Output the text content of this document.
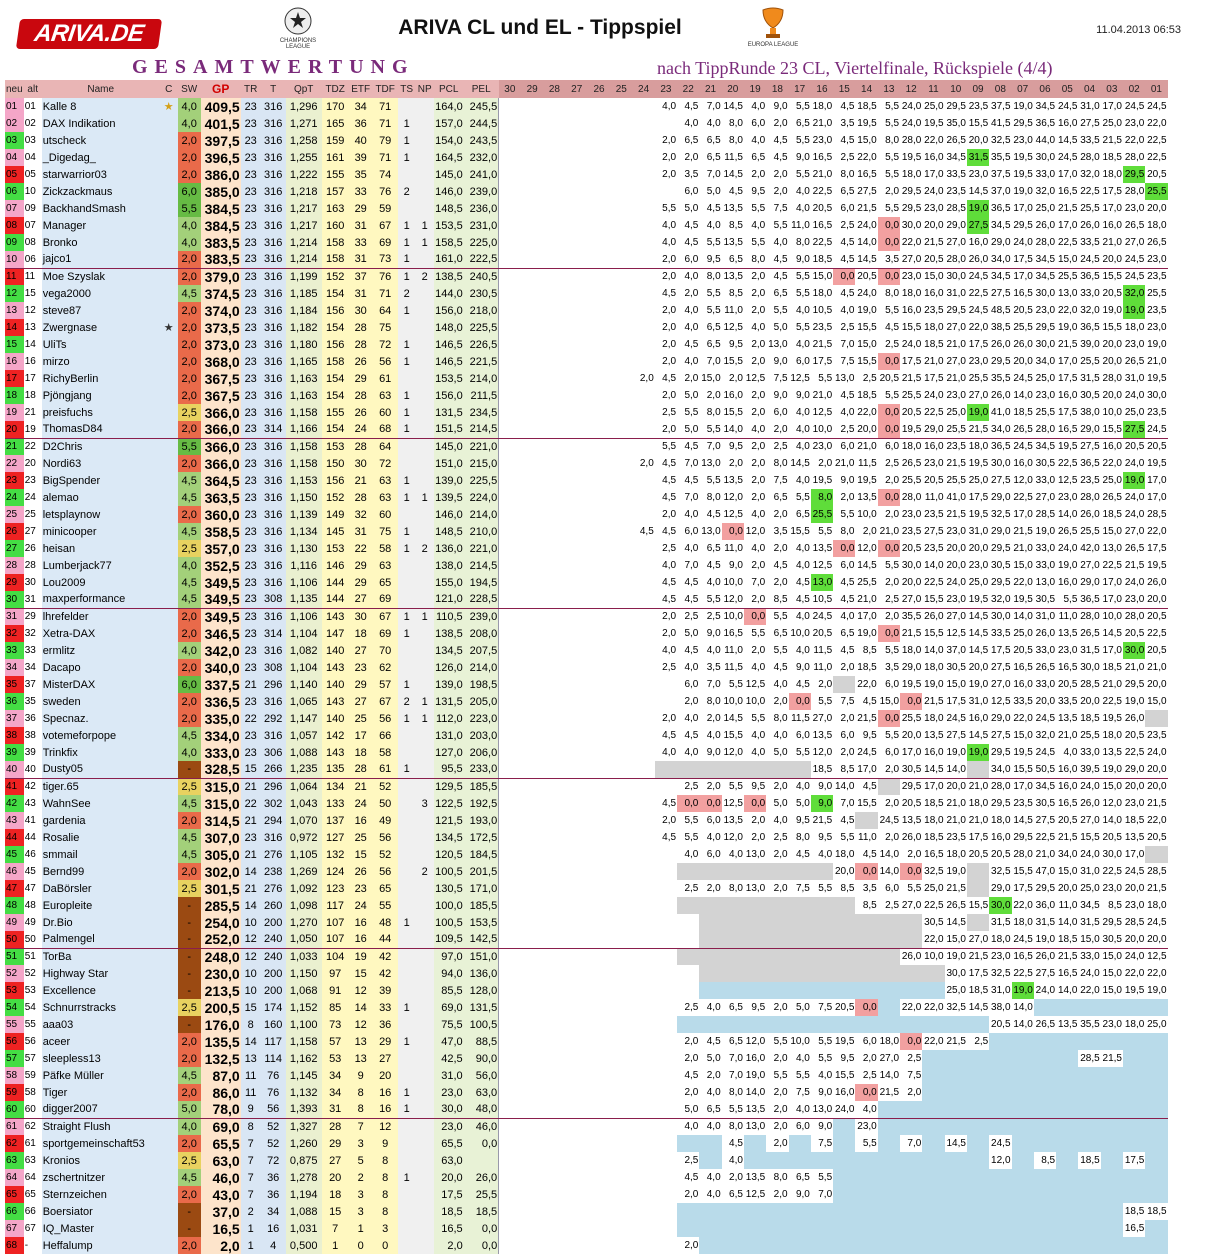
ARIVA.DE	CHAMPIONS LEAGUE
ARIVA CL und EL - Tippspiel
EUROPA LEAGUE
11.04.2013 06:53
GESAMTWERTUNG	nach TippRunde 23 CL, Viertelfinale, Rückspiele (4/4)
neu	alt	Name	C	SW	GP	TR	T	QpT	TDZ	ETF	TDF	TS	NP	PCL	PEL	30	29	28	27	26	25	24	23	22	21	20	19	18	17	16	15	14	13	12	11	10	09	08	07	06	05	04	03	02	01
01	01	Kalle 8	★	4,0	409,5	23	316	1,296	170	34	71			164,0	245,5								4,0	4,5	7,0	14,5	4,0	9,0	5,5	18,0	4,5	18,5	5,5	24,0	25,0	29,5	23,5	37,5	19,0	34,5	24,5	31,0	17,0	24,5	24,5
02	02	DAX Indikation		4,0	401,5	23	316	1,271	165	36	71	1		157,0	244,5									4,0	4,0	8,0	6,0	2,0	6,5	21,0	3,5	19,5	5,5	24,0	19,5	35,0	15,5	41,5	29,5	36,5	16,0	27,5	25,0	23,0	22,0
03	03	utscheck		2,0	397,5	23	316	1,258	159	40	79	1		154,0	243,5								2,0	6,5	6,5	8,0	4,0	4,5	5,5	23,0	4,5	15,0	8,0	28,0	22,0	26,5	20,0	32,5	23,0	44,0	14,5	33,5	21,5	22,0	22,5
04	04	_Digedag_		2,0	396,5	23	316	1,255	161	39	71	1		164,5	232,0								2,0	2,0	6,5	11,5	6,5	4,5	9,0	16,5	2,5	22,0	5,5	19,5	16,0	34,5	31,5	35,5	19,5	30,0	24,5	28,0	18,5	28,0	22,5
05	05	starwarrior03		2,0	386,0	23	316	1,222	155	35	74			145,0	241,0								2,0	3,5	7,0	14,5	2,0	2,0	5,5	21,0	8,0	16,5	5,5	18,0	17,0	33,5	23,0	37,5	19,5	33,0	17,0	32,0	18,0	29,5	20,5
06	10	Zickzackmaus		6,0	385,0	23	316	1,218	157	33	76	2		146,0	239,0									6,0	5,0	4,5	9,5	2,0	4,0	22,5	6,5	27,5	2,0	29,5	24,0	23,5	14,5	37,0	19,0	32,0	16,5	22,5	17,5	28,0	25,5
07	09	BackhandSmash		5,5	384,5	23	316	1,217	163	29	59			148,5	236,0								5,5	5,0	4,5	13,5	5,5	7,5	4,0	20,5	6,0	21,5	5,5	29,5	23,0	28,5	19,0	36,5	17,0	25,0	21,5	25,5	17,0	23,0	20,0
08	07	Manager		4,0	384,5	23	316	1,217	160	31	67	1	1	153,5	231,0								4,0	4,5	4,0	8,5	4,0	5,5	11,0	16,5	2,5	24,0	0,0	30,0	20,0	29,0	27,5	34,5	29,5	26,0	17,0	26,0	16,0	26,5	18,0
09	08	Bronko		4,0	383,5	23	316	1,214	158	33	69	1	1	158,5	225,0								4,0	4,5	5,5	13,5	5,5	4,0	8,0	22,5	4,5	14,0	0,0	22,0	21,5	27,0	16,0	29,0	24,0	28,0	22,5	33,5	21,0	27,0	26,5
10	06	jajco1		2,0	383,5	23	316	1,214	158	31	73	1		161,0	222,5								2,0	6,0	9,5	6,5	8,0	4,5	9,0	18,5	4,5	14,5	3,5	27,0	20,5	28,0	26,0	34,0	17,5	34,5	15,0	24,5	20,0	24,5	23,0
11	11	Moe Szyslak		2,0	379,0	23	316	1,199	152	37	76	1	2	138,5	240,5								2,0	4,0	8,0	13,5	2,0	4,5	5,5	15,0	0,0	20,5	0,0	23,0	15,0	30,0	24,5	34,5	17,0	34,5	25,5	36,5	15,5	24,5	23,5
12	15	vega2000		4,5	374,5	23	316	1,185	154	31	71	2		144,0	230,5								4,5	2,0	5,5	8,5	2,0	6,5	5,5	18,0	4,5	24,0	8,0	18,0	16,0	31,0	22,5	27,5	16,5	30,0	13,0	33,0	20,5	32,0	25,5
13	12	steve87		2,0	374,0	23	316	1,184	156	30	64	1		156,0	218,0								2,0	4,0	5,5	11,0	2,0	5,5	4,0	10,5	4,0	19,0	5,5	16,0	23,5	29,5	24,5	48,5	20,5	23,0	22,0	32,0	19,0	19,0	23,5
14	13	Zwergnase	★	2,0	373,5	23	316	1,182	154	28	75			148,0	225,5								2,0	4,0	6,5	12,5	4,0	5,0	5,5	23,5	2,5	15,5	4,5	15,5	18,0	27,0	22,0	38,5	25,5	29,5	19,0	36,5	15,5	18,0	23,0
15	14	UliTs		2,0	373,0	23	316	1,180	156	28	72	1		146,5	226,5								2,0	4,5	6,5	9,5	2,0	13,0	4,0	21,5	7,0	15,0	2,5	24,0	18,5	21,0	17,5	26,0	26,0	30,0	21,5	39,0	20,0	23,0	19,0
16	16	mirzo		2,0	368,0	23	316	1,165	158	26	56	1		146,5	221,5								2,0	4,0	7,0	15,5	2,0	9,0	6,0	17,5	7,5	15,5	0,0	17,5	21,0	27,0	23,0	29,5	20,0	34,0	17,0	25,5	20,0	26,5	21,0
17	17	RichyBerlin		2,0	367,5	23	316	1,163	154	29	61			153,5	214,0							2,0	4,5	2,0	15,0	2,0	12,5	7,5	12,5	5,5	13,0	2,5	20,5	21,5	17,5	21,0	25,5	35,5	24,5	25,0	17,5	31,5	28,0	31,0	19,5
18	18	Pjöngjang		2,0	367,5	23	316	1,163	154	28	63	1		156,0	211,5								2,0	5,0	2,0	16,0	2,0	9,0	9,0	21,0	4,5	18,5	5,5	25,5	24,0	23,0	27,0	26,0	14,0	23,0	16,0	30,5	20,0	24,0	30,0
19	21	preisfuchs		2,5	366,0	23	316	1,158	155	26	60	1		131,5	234,5								2,5	5,5	8,0	15,5	2,0	6,0	4,0	12,5	4,0	22,0	0,0	20,5	22,5	25,0	19,0	41,0	18,5	25,5	17,5	38,0	10,0	25,0	23,5
20	19	ThomasD84		2,0	366,0	23	314	1,166	154	24	68	1		151,5	214,5								2,0	5,0	5,5	14,0	4,0	2,0	4,0	10,0	2,5	20,0	0,0	19,5	29,0	25,5	21,5	34,0	26,5	28,0	16,5	29,0	15,5	27,5	24,5
21	22	D2Chris		5,5	366,0	23	316	1,158	153	28	64			145,0	221,0								5,5	4,5	7,0	9,5	2,0	2,5	4,0	23,0	6,0	21,0	6,0	18,0	16,0	23,5	18,0	36,5	24,5	34,5	19,5	27,5	16,0	20,5	20,5
22	20	Nordi63		2,0	366,0	23	316	1,158	150	30	72			151,0	215,0							2,0	4,5	7,0	13,0	2,0	2,0	8,0	14,5	2,0	21,0	11,5	2,5	26,5	23,0	21,5	19,5	30,0	16,0	30,5	22,5	36,5	22,0	24,0	19,5
23	23	BigSpender		4,5	364,5	23	316	1,153	156	21	63	1		139,0	225,5								4,5	4,5	5,5	13,5	2,0	7,5	4,0	19,5	9,0	19,5	2,0	25,5	20,5	25,5	25,0	27,5	12,0	33,0	12,5	23,5	25,0	19,0	17,0
24	24	alemao		4,5	363,5	23	316	1,150	152	28	63	1	1	139,5	224,0								4,5	7,0	8,0	12,0	2,0	6,5	5,5	8,0	2,0	13,5	0,0	28,0	11,0	41,0	17,5	29,0	22,5	27,0	23,0	28,0	26,5	24,0	17,0
25	25	letsplaynow		2,0	360,0	23	316	1,139	149	32	60			146,0	214,0								2,0	4,0	4,5	12,5	4,0	2,0	6,5	25,5	5,5	10,0	2,0	23,0	23,5	21,5	19,5	32,5	17,0	28,5	14,0	26,0	18,5	24,0	28,5
26	27	minicooper		4,5	358,5	23	316	1,134	145	31	75	1		148,5	210,0							4,5	4,5	6,0	13,0	0,0	12,0	3,5	15,5	5,5	8,0	2,0	21,0	23,5	27,5	23,0	31,0	29,0	21,5	19,0	26,5	25,5	15,0	27,0	22,0
27	26	heisan		2,5	357,0	23	316	1,130	153	22	58	1	2	136,0	221,0								2,5	4,0	6,5	11,0	4,0	2,0	4,0	13,5	0,0	12,0	0,0	20,5	23,5	20,0	20,0	29,5	21,0	33,0	24,0	42,0	13,0	26,5	17,5
28	28	Lumberjack77		4,0	352,5	23	316	1,116	146	29	63			138,0	214,5								4,0	7,0	4,5	9,0	2,0	4,5	4,0	12,5	6,0	14,5	5,5	30,0	14,0	20,0	23,0	30,5	15,0	33,0	19,0	27,0	22,5	21,5	19,5
29	30	Lou2009		4,5	349,5	23	316	1,106	144	29	65			155,0	194,5								4,5	4,5	4,0	10,0	7,0	2,0	4,5	13,0	4,5	25,5	2,0	20,0	22,5	24,0	25,0	29,5	22,0	13,0	16,0	29,0	17,0	24,0	26,0
30	31	maxperformance		4,5	349,5	23	308	1,135	144	27	69			121,0	228,5								4,5	4,5	5,5	12,0	2,0	8,5	4,5	10,5	4,5	21,0	2,5	27,0	15,5	23,0	19,5	32,0	19,5	30,5	5,5	36,5	17,0	23,0	20,0
31	29	lhrefelder		2,0	349,5	23	316	1,106	143	30	67	1	1	110,5	239,0								2,0	2,5	2,5	10,0	0,0	5,5	4,0	24,5	4,0	17,0	2,0	35,5	26,0	27,0	14,5	30,0	14,0	31,0	11,0	28,0	10,0	28,0	20,5
32	32	Xetra-DAX		2,0	346,5	23	314	1,104	147	18	69	1		138,5	208,0								2,0	5,0	9,0	16,5	5,5	6,5	10,0	20,5	6,5	19,0	0,0	21,5	15,5	12,5	14,5	33,5	25,0	26,0	13,5	26,5	14,5	20,5	22,5
33	33	ermlitz		4,0	342,0	23	316	1,082	140	27	70			134,5	207,5								4,0	4,5	4,0	11,0	2,0	5,5	4,0	11,5	4,5	8,5	5,5	18,0	14,0	37,0	14,5	17,5	20,5	33,0	23,0	31,5	17,0	30,0	20,5
34	34	Dacapo		2,0	340,0	23	308	1,104	143	23	62			126,0	214,0								2,5	4,0	3,5	11,5	4,0	4,5	9,0	11,0	2,0	18,5	3,5	29,0	18,0	30,5	20,0	27,5	16,5	26,5	16,5	30,0	18,5	21,0	21,0
35	37	MisterDAX		6,0	337,5	21	296	1,140	140	29	57	1		139,0	198,5									6,0	7,0	5,5	12,5	4,0	4,5	2,0		22,0	6,0	19,5	19,0	15,0	19,0	27,0	16,0	33,0	20,5	28,5	21,0	29,5	20,0
36	35	sweden		2,0	336,5	23	316	1,065	143	27	67	2	1	131,5	205,0									2,0	8,0	10,0	10,0	2,0	0,0	5,5	7,5	4,5	15,0	0,0	21,5	17,5	31,0	12,5	33,5	20,0	33,5	20,0	22,5	19,0	15,0
37	36	Specnaz.		2,0	335,0	22	292	1,147	140	25	56	1	1	112,0	223,0								2,0	4,0	2,0	14,5	5,5	8,0	11,5	27,0	2,0	21,5	0,0	25,5	18,0	24,5	16,0	29,0	22,0	24,5	13,5	18,5	19,5	26,0	
38	38	votemeforpope		4,5	334,0	23	316	1,057	142	17	66			131,0	203,0								4,5	4,5	4,0	15,5	4,0	4,0	6,0	13,5	6,0	9,5	5,5	20,0	13,5	27,5	14,5	27,5	15,0	32,0	21,0	25,5	18,0	20,5	23,5
39	39	Trinkfix		4,0	333,0	23	306	1,088	143	18	58			127,0	206,0								4,0	4,0	9,0	12,0	4,0	5,0	5,5	12,0	2,0	24,5	6,0	17,0	16,0	19,0	19,0	29,5	19,5	24,5	4,0	33,0	13,5	22,5	24,0
40	40	Dusty05		-	328,5	15	266	1,235	135	28	61	1		95,5	233,0															18,5	8,5	17,0	2,0	30,5	14,5	14,0		34,0	15,5	50,5	16,0	39,5	19,0	29,0	20,0
41	42	tiger.65		2,5	315,0	21	296	1,064	134	21	52			129,5	185,5									2,5	2,0	5,5	9,5	2,0	4,0	9,0	14,0	4,5		29,5	17,0	20,0	21,0	28,0	17,0	34,5	16,0	24,0	15,0	20,0	20,0
42	43	WahnSee		4,5	315,0	22	302	1,043	133	24	50		3	122,5	192,5								4,5	0,0	0,0	12,5	0,0	5,0	5,0	9,0	7,0	15,5	2,0	20,5	18,5	21,0	18,0	29,5	23,5	30,5	16,5	26,0	12,0	23,0	21,5
43	41	gardenia		2,0	314,5	21	294	1,070	137	16	49			121,5	193,0								2,0	5,5	6,0	13,5	2,0	4,0	9,5	21,5	4,5		24,5	13,5	18,0	21,0	21,0	18,0	14,5	27,5	20,5	27,0	14,0	18,5	22,0
44	44	Rosalie		4,5	307,0	23	316	0,972	127	25	56			134,5	172,5								4,5	5,5	4,0	12,0	2,0	2,5	8,0	9,5	5,5	11,0	2,0	26,0	18,5	23,5	17,5	16,0	29,5	22,5	21,5	15,5	20,5	13,5	20,5
45	46	smmail		4,5	305,0	21	276	1,105	132	15	52			120,5	184,5									4,0	6,0	4,0	13,0	2,0	4,5	4,0	18,0	4,5	14,0	2,0	16,5	18,0	20,5	20,5	28,0	21,0	34,0	24,0	30,0	17,0	
46	45	Bernd99		2,0	302,0	14	238	1,269	124	26	56		2	100,5	201,5																20,0	0,0	14,0	0,0	32,5	19,0		32,5	15,5	47,0	15,0	31,0	22,5	24,5	28,5
47	47	DaBörsler		2,5	301,5	21	276	1,092	123	23	65			130,5	171,0									2,5	2,0	8,0	13,0	2,0	7,5	5,5	8,5	3,5	6,0	5,5	25,0	21,5		29,0	17,5	29,5	20,0	25,0	23,0	20,0	21,5
48	48	Europleite		-	285,5	14	260	1,098	117	24	55			100,0	185,5																	8,5	2,5	27,0	22,5	26,5	15,5	30,0	22,0	36,0	11,0	34,5	8,5	23,0	18,0
49	49	Dr.Bio		-	254,0	10	200	1,270	107	16	48	1		100,5	153,5																				30,5	14,5		31,5	18,0	31,5	14,0	31,5	29,5	28,5	24,5
50	50	Palmengel		-	252,0	12	240	1,050	107	16	44			109,5	142,5																				22,0	15,0	27,0	18,0	24,5	19,0	18,5	15,0	30,5	20,0	20,0
51	51	TorBa		-	248,0	12	240	1,033	104	19	42			97,0	151,0																			26,0	10,0	19,0	21,5	23,0	16,5	26,0	21,5	33,0	15,0	24,0	12,5
52	52	Highway Star		-	230,0	10	200	1,150	97	15	42			94,0	136,0																					30,0	17,5	32,5	22,5	27,5	16,5	24,0	15,0	22,0	22,0
53	53	Excellence		-	213,5	10	200	1,068	91	12	39			85,5	128,0																					25,0	18,5	31,0	19,0	24,0	14,0	22,0	15,0	19,5	19,0
54	54	Schnurrstracks		2,5	200,5	15	174	1,152	85	14	33	1		69,0	131,5									2,5	4,0	6,5	9,5	2,0	5,0	7,5	20,5	0,0		22,0	22,0	32,5	14,5	38,0	14,0						
55	55	aaa03		-	176,0	8	160	1,100	73	12	36			75,5	100,5																							20,5	14,0	26,5	13,5	35,5	23,0	18,0	25,0
56	56	aceer		2,0	135,5	14	117	1,158	57	13	29	1		47,0	88,5									2,0	4,5	6,5	12,0	5,5	10,0	5,5	19,5	6,0	18,0	0,0	22,0	21,5	2,5								
57	57	sleepless13		2,0	132,5	13	114	1,162	53	13	27			42,5	90,0									2,0	5,0	7,0	16,0	2,0	4,0	5,5	9,5	2,0	27,0	2,5								28,5	21,5		
58	59	Päfke Müller		4,5	87,0	11	76	1,145	34	9	20			31,0	56,0									4,5	2,0	7,0	19,0	5,5	5,5	4,0	15,5	2,5	14,0	7,5											
59	58	Tiger		2,0	86,0	11	76	1,132	34	8	16	1		23,0	63,0									2,0	4,0	8,0	14,0	2,0	7,5	9,0	16,0	0,0	21,5	2,0											
60	60	digger2007		5,0	78,0	9	56	1,393	31	8	16	1		30,0	48,0									5,0	6,5	5,5	13,5	2,0	4,0	13,0	24,0	4,0													
61	62	Straight Flush		4,0	69,0	8	52	1,327	28	7	12			23,0	46,0									4,0	4,0	8,0	13,0	2,0	6,0	9,0		23,0													
62	61	sportgemeinschaft53		2,0	65,5	7	52	1,260	29	3	9			65,5	0,0											4,5		2,0		7,5		5,5		7,0		14,5		24,5							
63	63	Kronios		2,5	63,0	7	72	0,875	27	5	8			63,0										2,5		4,0												12,0		8,5		18,5		17,5	
64	64	zschertnitzer		4,5	46,0	7	36	1,278	20	2	8	1		20,0	26,0									4,5	4,0	2,0	13,5	8,0	6,5	5,5															
65	65	Sternzeichen		2,0	43,0	7	36	1,194	18	3	8			17,5	25,5									2,0	4,0	6,5	12,5	2,0	9,0	7,0															
66	66	Boersiator		-	37,0	2	34	1,088	15	3	8			18,5	18,5																													18,5	18,5
67	67	IQ_Master		-	16,5	1	16	1,031	7	1	3			16,5	0,0																													16,5	
68	-	Heffalump		2,0	2,0	1	4	0,500	1	0	0			2,0	0,0									2,0																					
